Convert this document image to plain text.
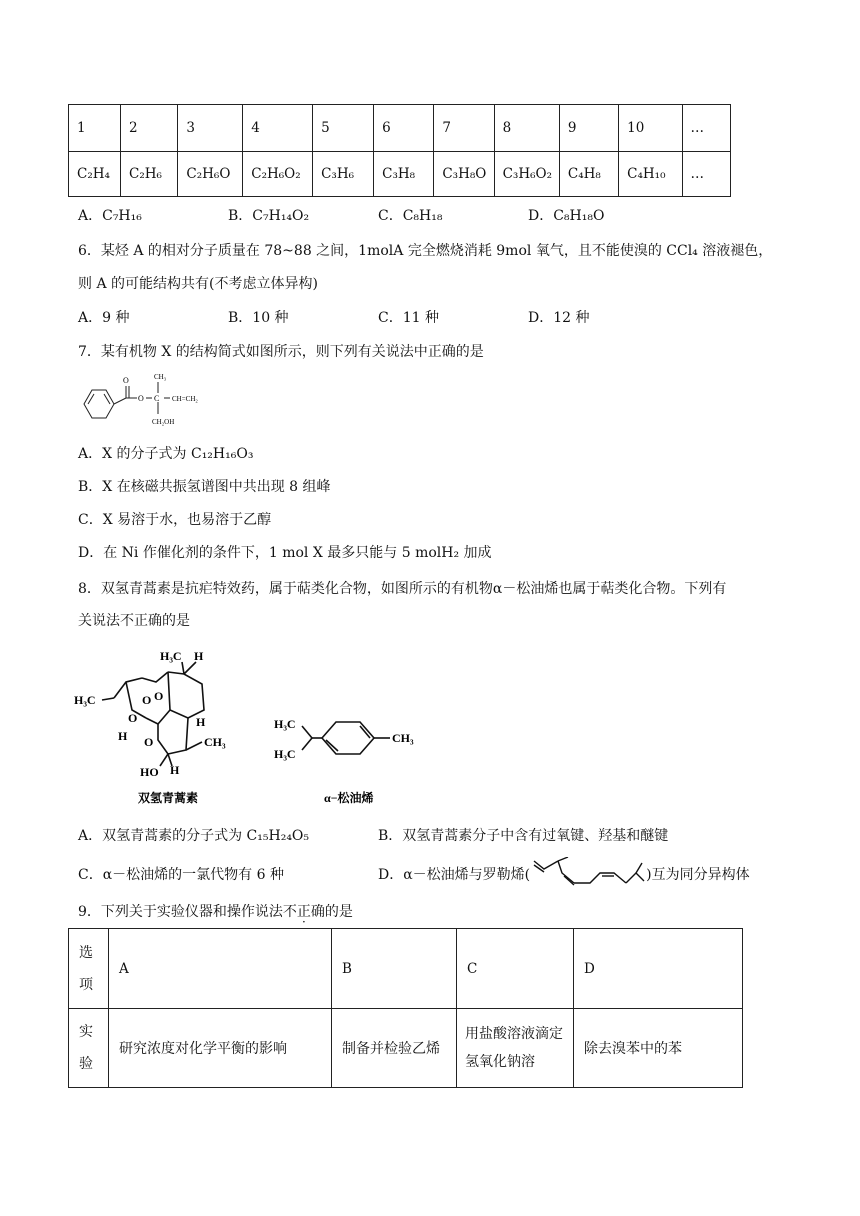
1	2	3	4	5	6	7	8	9	10	…
C₂H₄	C₂H₆	C₂H₆O	C₂H₆O₂	C₃H₆	C₃H₈	C₃H₈O	C₃H₆O₂	C₄H₈	C₄H₁₀	…
A．C₇H₁₆	B．C₇H₁₄O₂	C．C₈H₁₈	D．C₈H₁₈O
6．某烃 A 的相对分子质量在 78~88 之间，1molA 完全燃烧消耗 9mol 氧气，且不能使溴的 CCl₄ 溶液褪色，
则 A 的可能结构共有(不考虑立体异构)
A．9 种	B．10 种	C．11 种	D．12 种
7．某有机物 X 的结构简式如图所示，则下列有关说法中正确的是
O
O C
CH₃
CH=CH₂
CH₂OH
A．X 的分子式为 C₁₂H₁₆O₃
B．X 在核磁共振氢谱图中共出现 8 组峰
C．X 易溶于水，也易溶于乙醇
D．在 Ni 作催化剂的条件下，1 mol X 最多只能与 5 molH₂ 加成
8．双氢青蒿素是抗疟特效药，属于萜类化合物，如图所示的有机物α－松油烯也属于萜类化合物。下列有
关说法不正确的是
O O
O
O
H₃C
H
H₃C H
H
CH₃
HO H
双氢青蒿素
H₃C
H₃C
CH₃
α−松油烯
A．双氢青蒿素的分子式为 C₁₅H₂₄O₅	B．双氢青蒿素分子中含有过氧键、羟基和醚键
C．α－松油烯的一氯代物有 6 种	D．α－松油烯与罗勒烯(	)互为同分异构体
9．下列关于实验仪器和操作说法不正确的是
选项	A	B	C	D
实验	研究浓度对化学平衡的影响	制备并检验乙烯	用盐酸溶液滴定氢氧化钠溶	除去溴苯中的苯
